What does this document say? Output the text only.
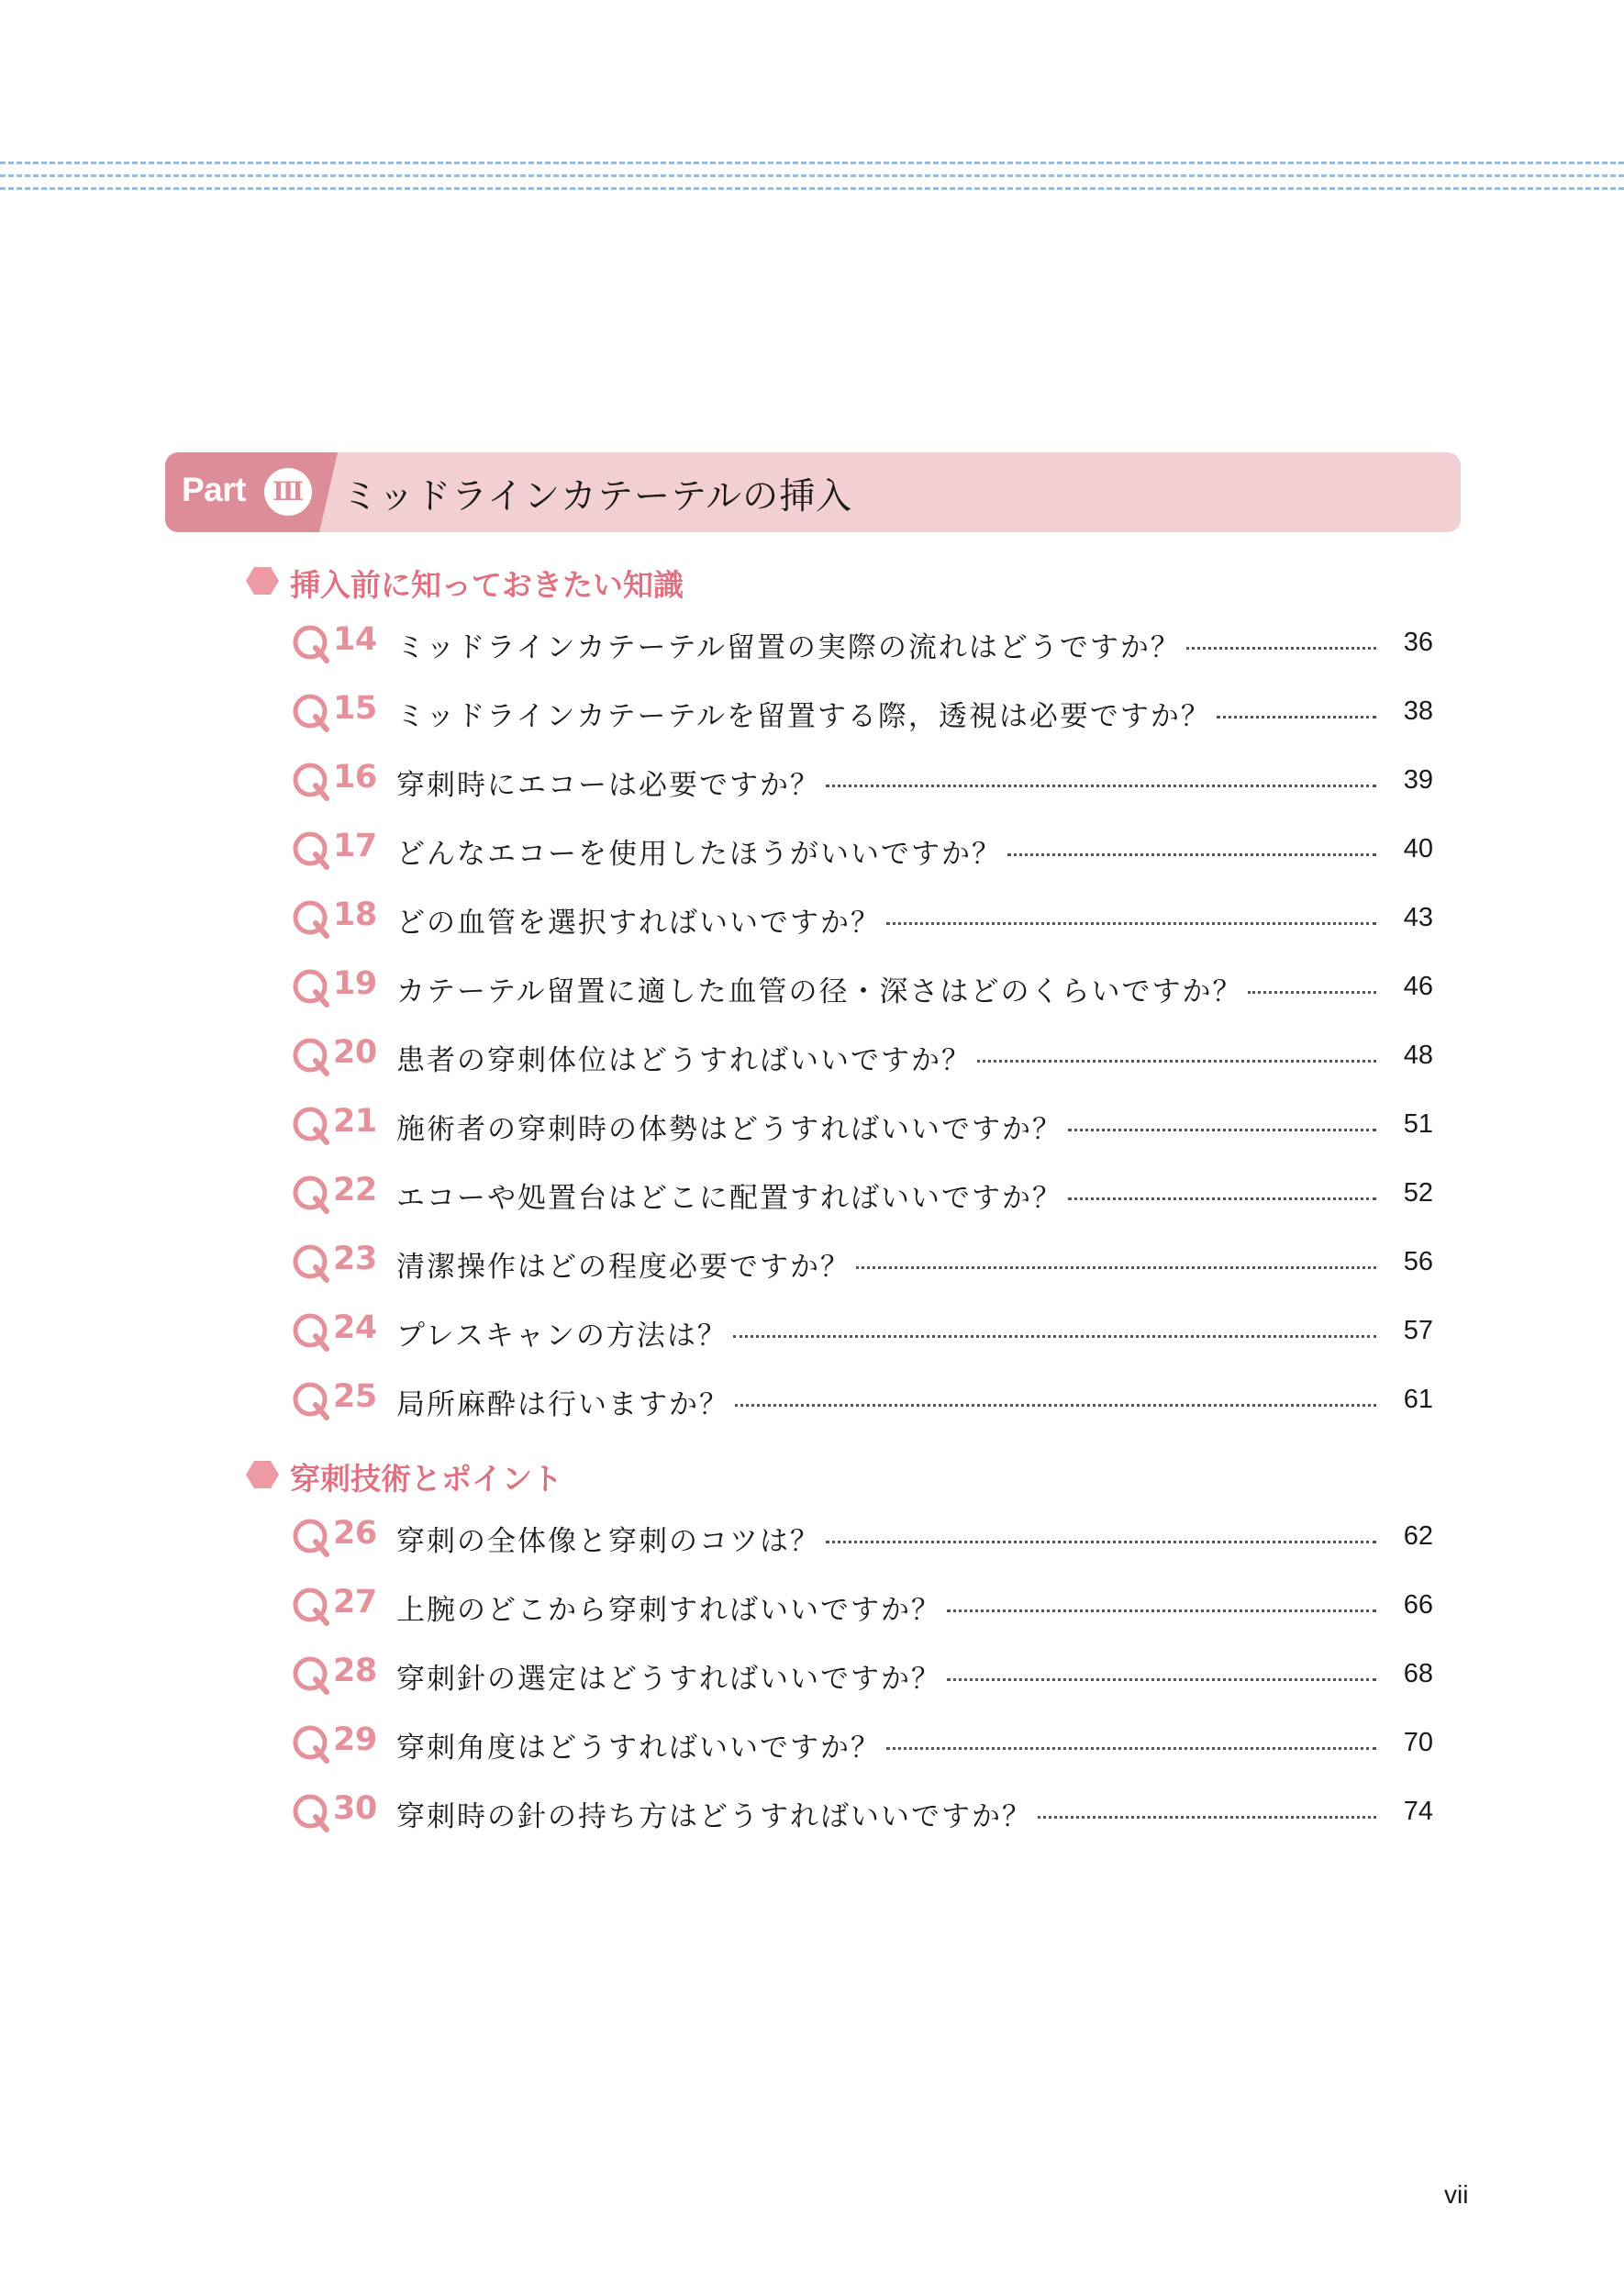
Part	Ⅲ ミッドラインカテーテルの挿入
挿入前に知っておきたい知識
14 ミッドラインカテーテル留置の実際の流れはどうですか？	36
15 ミッドラインカテーテルを留置する際，透視は必要ですか？	38
16 穿刺時にエコーは必要ですか？	39
17 どんなエコーを使用したほうがいいですか？	40
18 どの血管を選択すればいいですか？	43
19 カテーテル留置に適した血管の径・深さはどのくらいですか？	46
20 患者の穿刺体位はどうすればいいですか？	48
21 施術者の穿刺時の体勢はどうすればいいですか？	51
22 エコーや処置台はどこに配置すればいいですか？	52
23 清潔操作はどの程度必要ですか？	56
24 プレスキャンの方法は？	57
25 局所麻酔は行いますか？	61
穿刺技術とポイント
26 穿刺の全体像と穿刺のコツは？	62
27 上腕のどこから穿刺すればいいですか？	66
28 穿刺針の選定はどうすればいいですか？	68
29 穿刺角度はどうすればいいですか？	70
30 穿刺時の針の持ち方はどうすればいいですか？	74
vii
